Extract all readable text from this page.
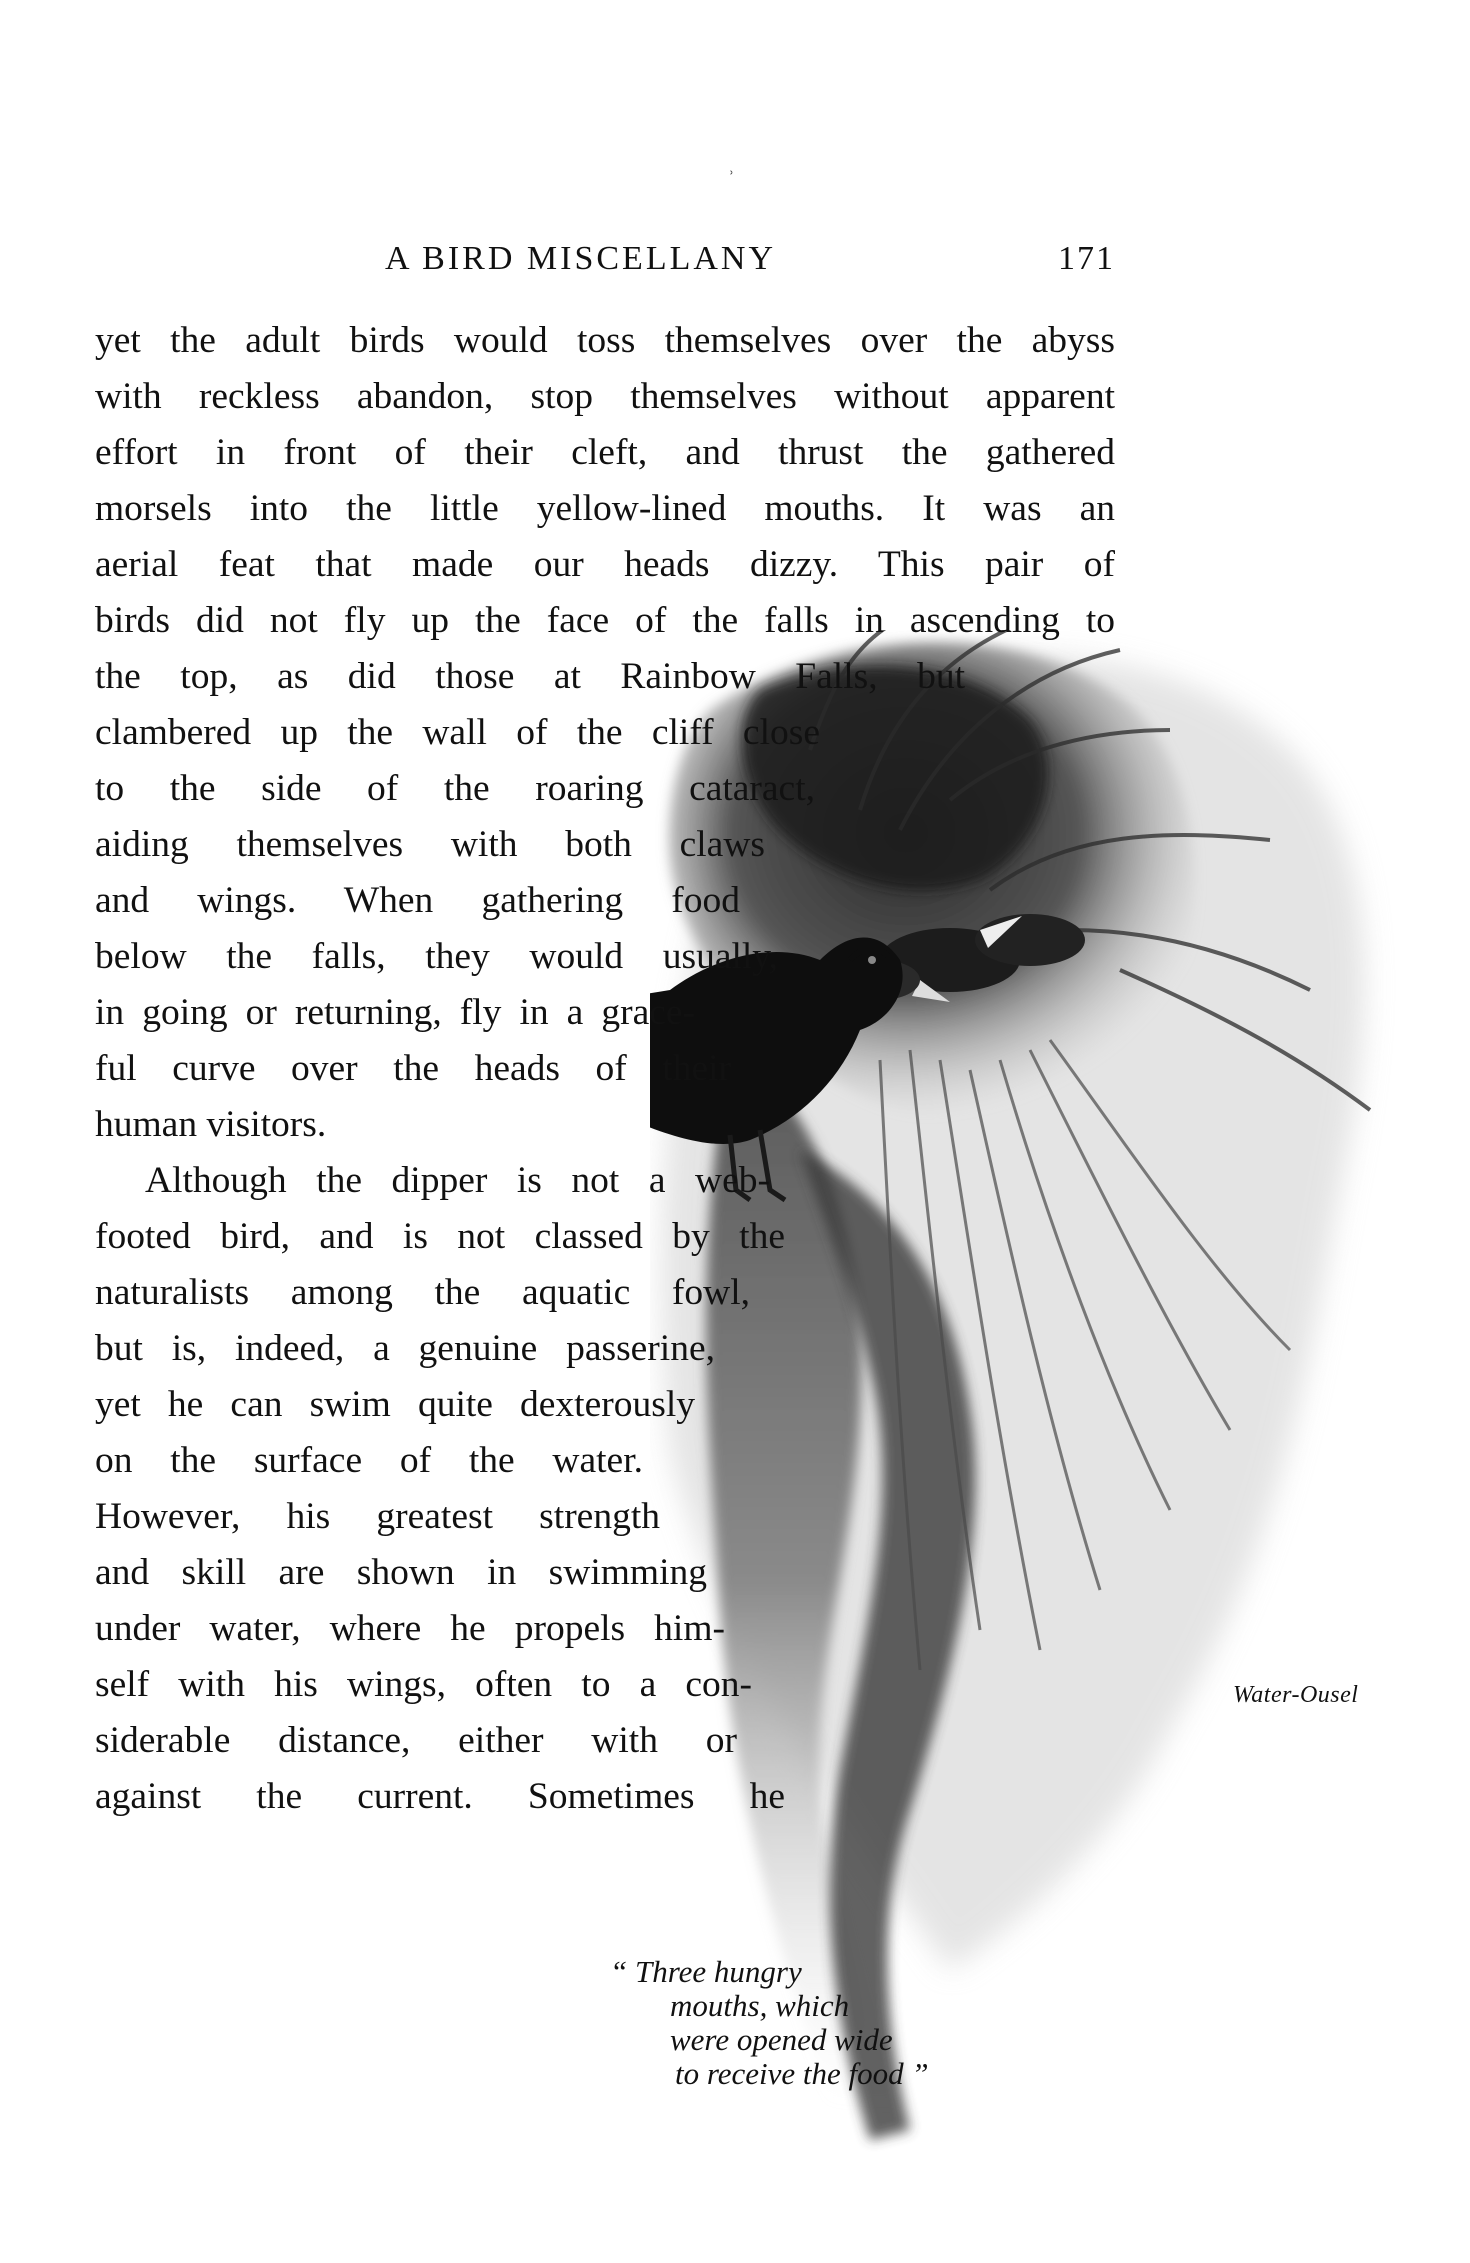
ʾ
A BIRD MISCELLANY	171
yet the adult birds would toss themselves over the abyss
with reckless abandon, stop themselves without apparent
effort in front of their cleft, and thrust the gathered
morsels into the little yellow-lined mouths. It was an
aerial feat that made our heads dizzy. This pair of
birds did not fly up the face of the falls in ascending to
the top, as did those at Rainbow Falls, but
clambered up the wall of the cliff close
to the side of the roaring cataract,
aiding themselves with both claws
and wings. When gathering food
below the falls, they would usually,
in going or returning, fly in a grace-
ful curve over the heads of their
human visitors.
Although the dipper is not a web-
footed bird, and is not classed by the
naturalists among the aquatic fowl,
but is, indeed, a genuine passerine,
yet he can swim quite dexterously
on the surface of the water.
However, his greatest strength
and skill are shown in swimming
under water, where he propels him-
self with his wings, often to a con-
siderable distance, either with or
against the current. Sometimes he
Water-Ousel
“ Three hungry
mouths, which
were opened wide
to receive the food ”
